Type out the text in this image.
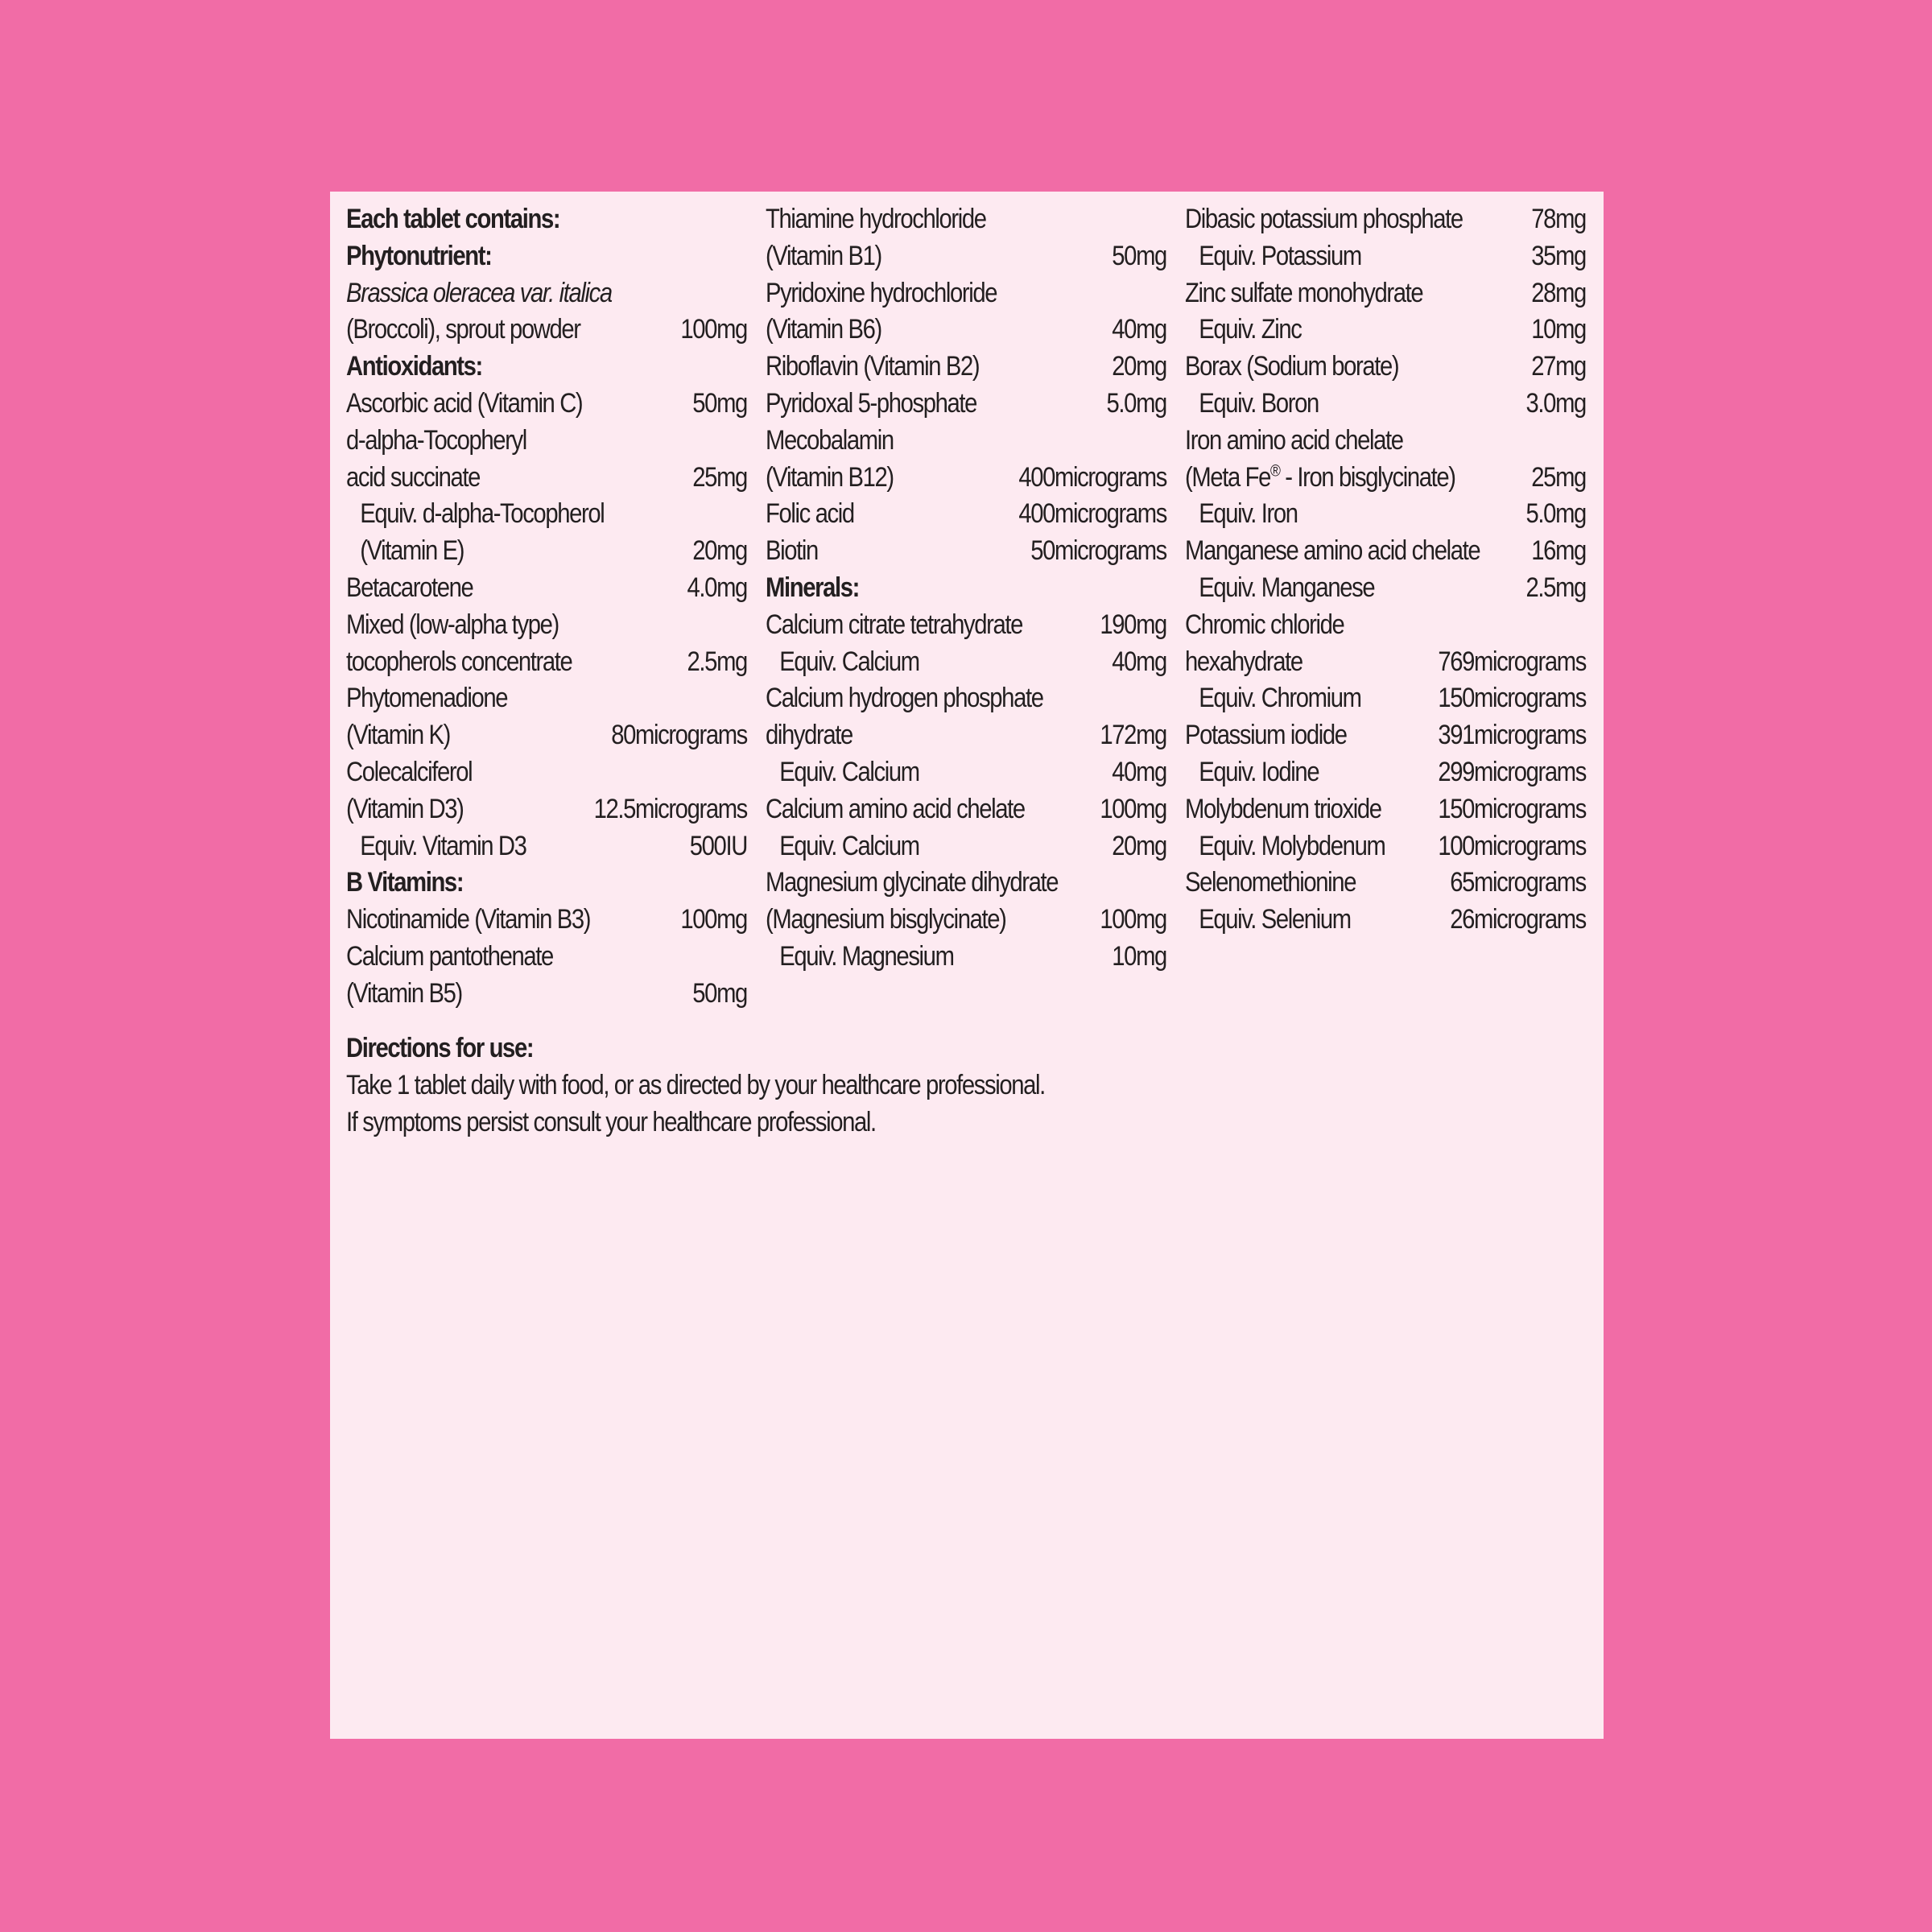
Each tablet contains:
Phytonutrient:
Brassica oleracea var. italica
(Broccoli), sprout powder	100mg
Antioxidants:
Ascorbic acid (Vitamin C)	50mg
d-alpha-Tocopheryl
acid succinate	25mg
Equiv. d-alpha-Tocopherol
(Vitamin E)	20mg
Betacarotene	4.0mg
Mixed (low-alpha type)
tocopherols concentrate	2.5mg
Phytomenadione
(Vitamin K)	80micrograms
Colecalciferol
(Vitamin D3)	12.5micrograms
Equiv. Vitamin D3	500IU
B Vitamins:
Nicotinamide (Vitamin B3)	100mg
Calcium pantothenate
(Vitamin B5)	50mg
Thiamine hydrochloride
(Vitamin B1)	50mg
Pyridoxine hydrochloride
(Vitamin B6)	40mg
Riboflavin (Vitamin B2)	20mg
Pyridoxal 5-phosphate	5.0mg
Mecobalamin
(Vitamin B12)	400micrograms
Folic acid	400micrograms
Biotin	50micrograms
Minerals:
Calcium citrate tetrahydrate	190mg
Equiv. Calcium	40mg
Calcium hydrogen phosphate
dihydrate	172mg
Equiv. Calcium	40mg
Calcium amino acid chelate	100mg
Equiv. Calcium	20mg
Magnesium glycinate dihydrate
(Magnesium bisglycinate)	100mg
Equiv. Magnesium	10mg
Dibasic potassium phosphate	78mg
Equiv. Potassium	35mg
Zinc sulfate monohydrate	28mg
Equiv. Zinc	10mg
Borax (Sodium borate)	27mg
Equiv. Boron	3.0mg
Iron amino acid chelate
(Meta Fe® - Iron bisglycinate)	25mg
Equiv. Iron	5.0mg
Manganese amino acid chelate 16mg
Equiv. Manganese	2.5mg
Chromic chloride
hexahydrate	769micrograms
Equiv. Chromium	150micrograms
Potassium iodide	391micrograms
Equiv. Iodine	299micrograms
Molybdenum trioxide 150micrograms
Equiv. Molybdenum 100micrograms
Selenomethionine	65micrograms
Equiv. Selenium	26micrograms
Directions for use:
Take 1 tablet daily with food, or as directed by your healthcare professional.
If symptoms persist consult your healthcare professional.
